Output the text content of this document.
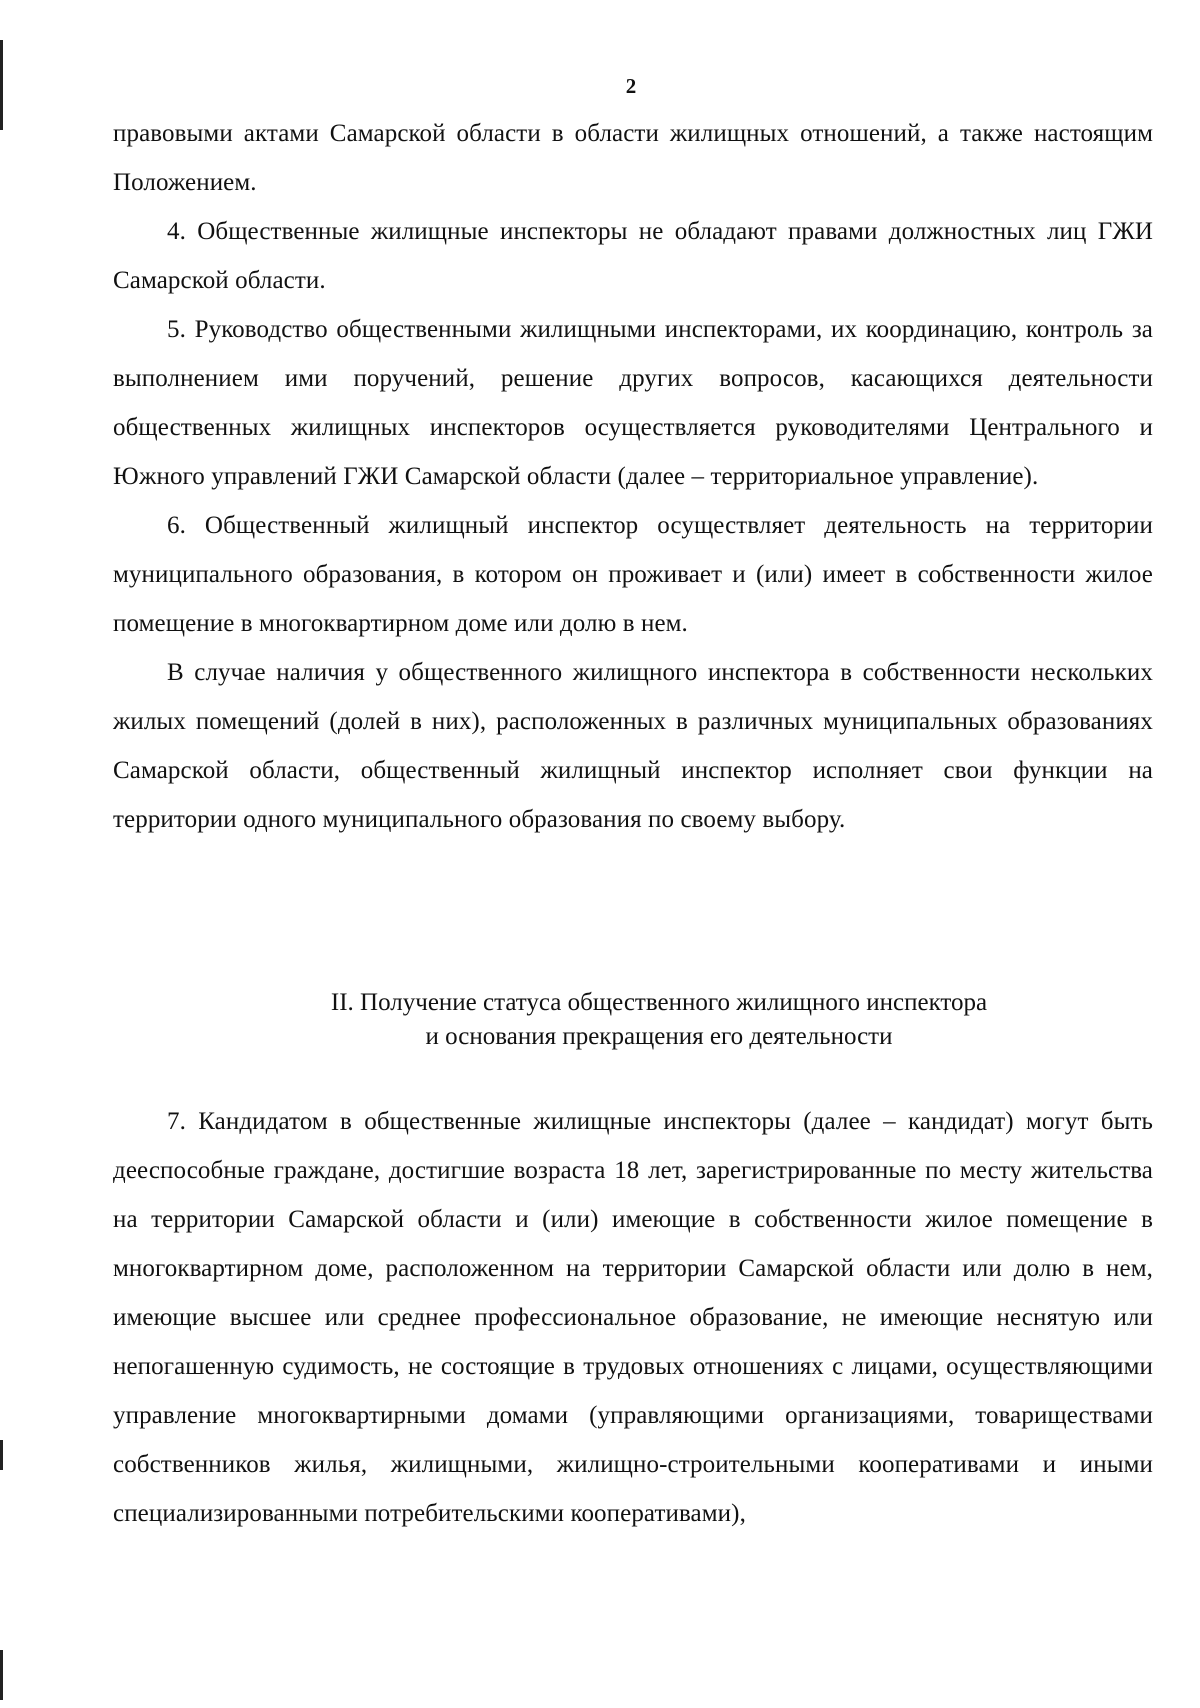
2

правовыми актами Самарской области в области жилищных отношений, а также настоящим Положением.

4. Общественные жилищные инспекторы не обладают правами должностных лиц ГЖИ Самарской области.

5. Руководство общественными жилищными инспекторами, их координацию, контроль за выполнением ими поручений, решение других вопросов, касающихся деятельности общественных жилищных инспекторов осуществляется руководителями Центрального и Южного управлений ГЖИ Самарской области (далее – территориальное управление).

6. Общественный жилищный инспектор осуществляет деятельность на территории муниципального образования, в котором он проживает и (или) имеет в собственности жилое помещение в многоквартирном доме или долю в нем.

В случае наличия у общественного жилищного инспектора в собственности нескольких жилых помещений (долей в них), расположенных в различных муниципальных образованиях Самарской области, общественный жилищный инспектор исполняет свои функции на территории одного муниципального образования по своему выбору.

II. Получение статуса общественного жилищного инспектора
и основания прекращения его деятельности

7. Кандидатом в общественные жилищные инспекторы (далее – кандидат) могут быть дееспособные граждане, достигшие возраста 18 лет, зарегистрированные по месту жительства на территории Самарской области и (или) имеющие в собственности жилое помещение в многоквартирном доме, расположенном на территории Самарской области или долю в нем, имеющие высшее или среднее профессиональное образование, не имеющие неснятую или непогашенную судимость, не состоящие в трудовых отношениях с лицами, осуществляющими управление многоквартирными домами (управляющими организациями, товариществами собственников жилья, жилищными, жилищно-строительными кооперативами и иными специализированными потребительскими кооперативами),
